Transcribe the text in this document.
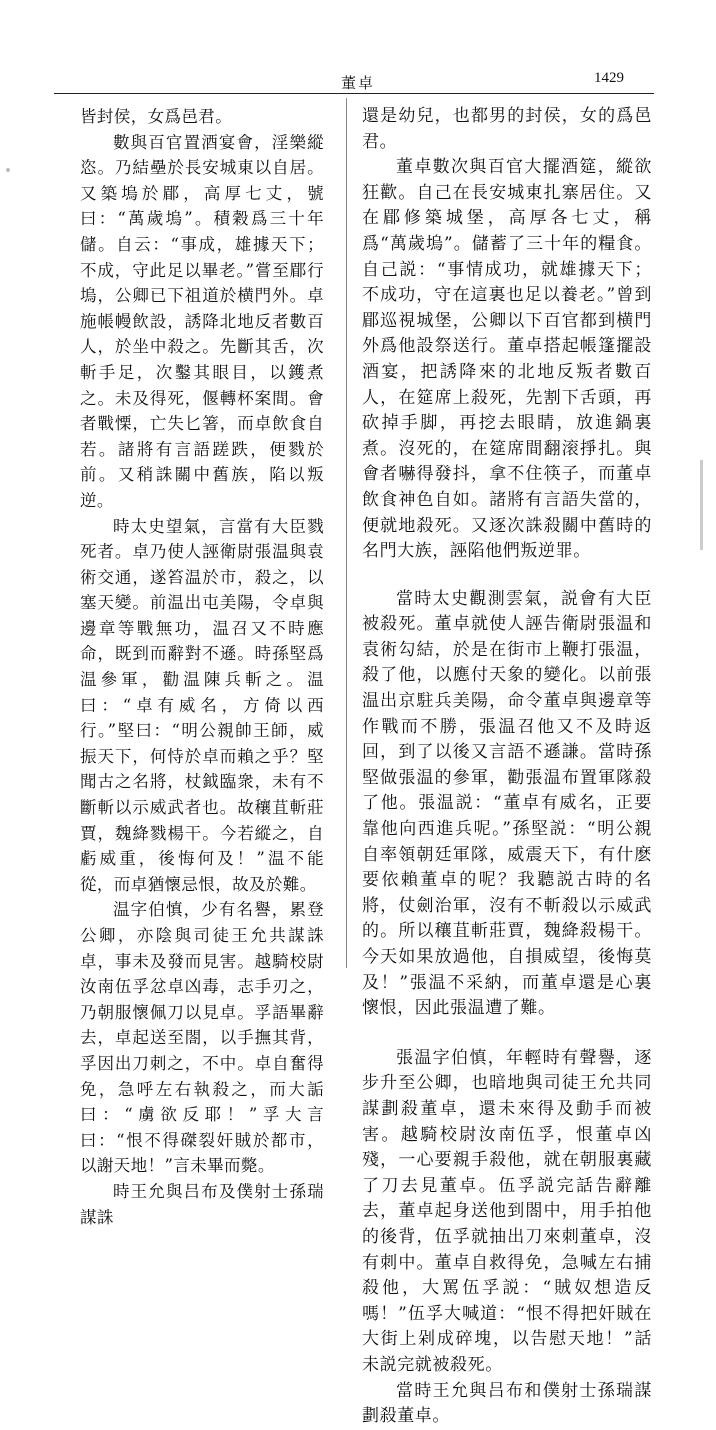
董卓	1429

皆封侯，女爲邑君。

數與百官置酒宴會，淫樂縱恣。乃結壘於長安城東以自居。又築塢於郿，高厚七丈，號曰：“萬歲塢”。積穀爲三十年儲。自云：“事成，雄據天下；不成，守此足以畢老。”嘗至郿行塢，公卿已下祖道於横門外。卓施帳幔飲設，誘降北地反者數百人，於坐中殺之。先斷其舌，次斬手足，次鑿其眼目，以鑊煮之。未及得死，偃轉杯案間。會者戰慄，亡失匕箸，而卓飲食自若。諸將有言語蹉跌，便戮於前。又稍誅關中舊族，陷以叛逆。

時太史望氣，言當有大臣戮死者。卓乃使人誣衛尉張温與袁術交通，遂笞温於市，殺之，以塞天變。前温出屯美陽，令卓與邊章等戰無功，温召又不時應命，既到而辭對不遜。時孫堅爲温參軍，勸温陳兵斬之。温曰：“卓有威名，方倚以西行。”堅曰：“明公親帥王師，威振天下，何恃於卓而賴之乎？堅聞古之名將，杖鉞臨衆，未有不斷斬以示威武者也。故穰苴斬莊賈，魏絳戮楊干。今若縱之，自虧威重，後悔何及！”温不能從，而卓猶懷忌恨，故及於難。

温字伯慎，少有名譽，累登公卿，亦陰與司徒王允共謀誅卓，事未及發而見害。越騎校尉汝南伍孚忿卓凶毒，志手刃之，乃朝服懷佩刀以見卓。孚語畢辭去，卓起送至閤，以手撫其背，孚因出刀刺之，不中。卓自奮得免，急呼左右執殺之，而大詬曰：“虜欲反耶！”孚大言曰：“恨不得磔裂奸賊於都市，以謝天地！”言未畢而斃。

時王允與吕布及僕射士孫瑞謀誅

還是幼兒，也都男的封侯，女的爲邑君。

董卓數次與百官大擺酒筵，縱欲狂歡。自己在長安城東扎寨居住。又在郿修築城堡，高厚各七丈，稱爲“萬歲塢”。儲蓄了三十年的糧食。自己説：“事情成功，就雄據天下；不成功，守在這裏也足以養老。”曾到郿巡視城堡，公卿以下百官都到横門外爲他設祭送行。董卓搭起帳篷擺設酒宴，把誘降來的北地反叛者數百人，在筵席上殺死，先割下舌頭，再砍掉手脚，再挖去眼睛，放進鍋裏煮。沒死的，在筵席間翻滚掙扎。與會者嚇得發抖，拿不住筷子，而董卓飲食神色自如。諸將有言語失當的，便就地殺死。又逐次誅殺關中舊時的名門大族，誣陷他們叛逆罪。

當時太史觀測雲氣，説會有大臣被殺死。董卓就使人誣告衛尉張温和袁術勾結，於是在街市上鞭打張温，殺了他，以應付天象的變化。以前張温出京駐兵美陽，命令董卓與邊章等作戰而不勝，張温召他又不及時返回，到了以後又言語不遜謙。當時孫堅做張温的參軍，勸張温布置軍隊殺了他。張温説：“董卓有威名，正要靠他向西進兵呢。”孫堅説：“明公親自率領朝廷軍隊，威震天下，有什麽要依賴董卓的呢？我聽説古時的名將，仗劍治軍，沒有不斬殺以示威武的。所以穰苴斬莊賈，魏絳殺楊干。今天如果放過他，自損威望，後悔莫及！”張温不采納，而董卓還是心裏懷恨，因此張温遭了難。

張温字伯慎，年輕時有聲譽，逐步升至公卿，也暗地與司徒王允共同謀劃殺董卓，還未來得及動手而被害。越騎校尉汝南伍孚，恨董卓凶殘，一心要親手殺他，就在朝服裏藏了刀去見董卓。伍孚説完話告辭離去，董卓起身送他到閤中，用手拍他的後背，伍孚就抽出刀來刺董卓，沒有刺中。董卓自救得免，急喊左右捕殺他，大罵伍孚説：“賊奴想造反嗎！”伍孚大喊道：“恨不得把奸賊在大街上剁成碎塊，以告慰天地！”話未説完就被殺死。

當時王允與吕布和僕射士孫瑞謀劃殺董卓。
